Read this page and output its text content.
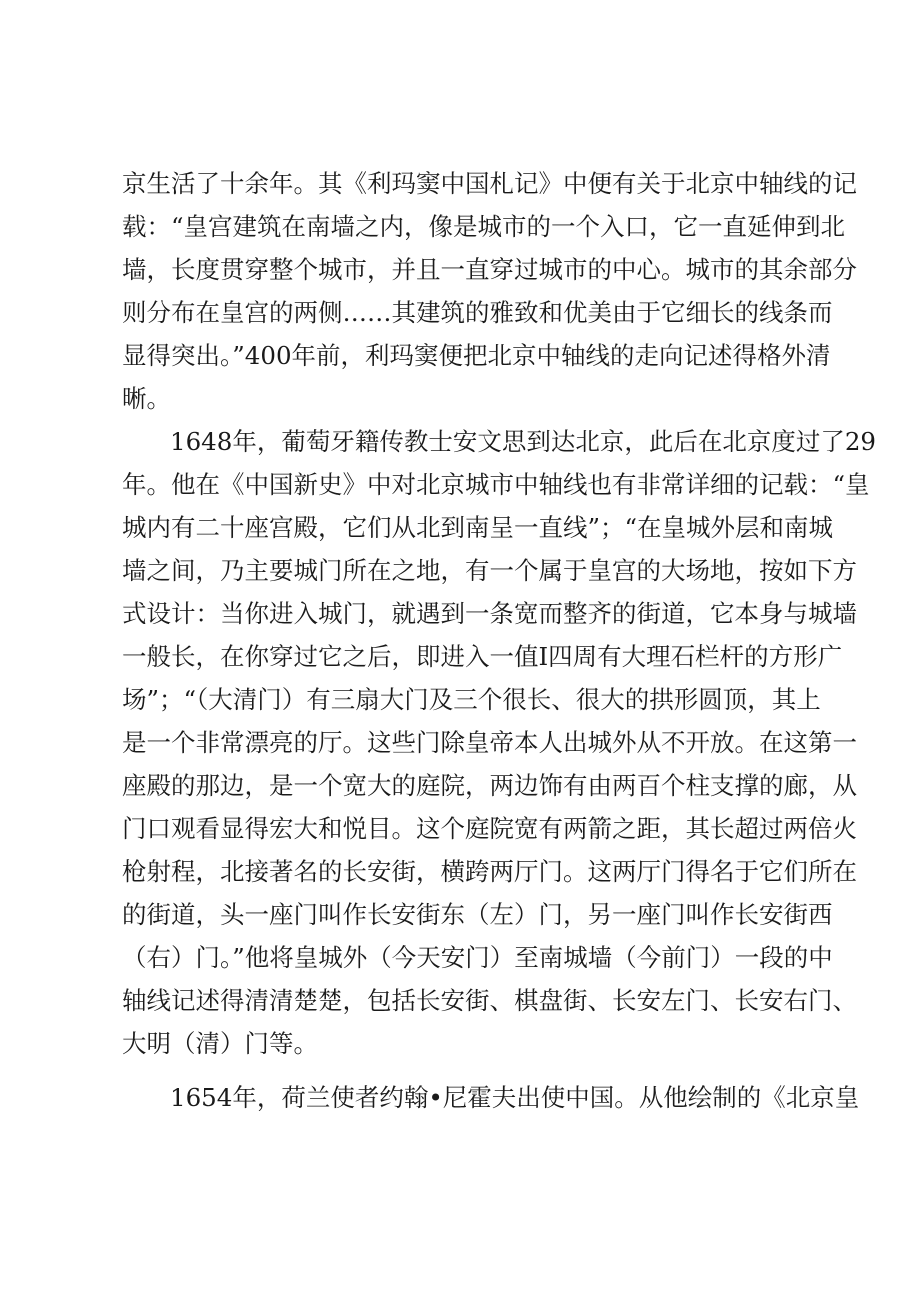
京生活了十余年。其《利玛窦中国札记》中便有关于北京中轴线的记
载：“皇宫建筑在南墙之内，像是城市的一个入口，它一直延伸到北
墙，长度贯穿整个城市，并且一直穿过城市的中心。城市的其余部分
则分布在皇宫的两侧……其建筑的雅致和优美由于它细长的线条而
显得突出。”400年前，利玛窦便把北京中轴线的走向记述得格外清
晰。
1648年，葡萄牙籍传教士安文思到达北京，此后在北京度过了29
年。他在《中国新史》中对北京城市中轴线也有非常详细的记载：“皇
城内有二十座宫殿，它们从北到南呈一直线”；“在皇城外层和南城
墙之间，乃主要城门所在之地，有一个属于皇宫的大场地，按如下方
式设计：当你进入城门，就遇到一条宽而整齐的街道，它本身与城墙
一般长，在你穿过它之后，即进入一值I四周有大理石栏杆的方形广
场”；“（大清门）有三扇大门及三个很长、很大的拱形圆顶，其上
是一个非常漂亮的厅。这些门除皇帝本人出城外从不开放。在这第一
座殿的那边，是一个宽大的庭院，两边饰有由两百个柱支撑的廊，从
门口观看显得宏大和悦目。这个庭院宽有两箭之距，其长超过两倍火
枪射程，北接著名的长安街，横跨两厅门。这两厅门得名于它们所在
的街道，头一座门叫作长安街东（左）门，另一座门叫作长安街西
（右）门。”他将皇城外（今天安门）至南城墙（今前门）一段的中
轴线记述得清清楚楚，包括长安街、棋盘街、长安左门、长安右门、
大明（清）门等。
1654年，荷兰使者约翰•尼霍夫出使中国。从他绘制的《北京皇
